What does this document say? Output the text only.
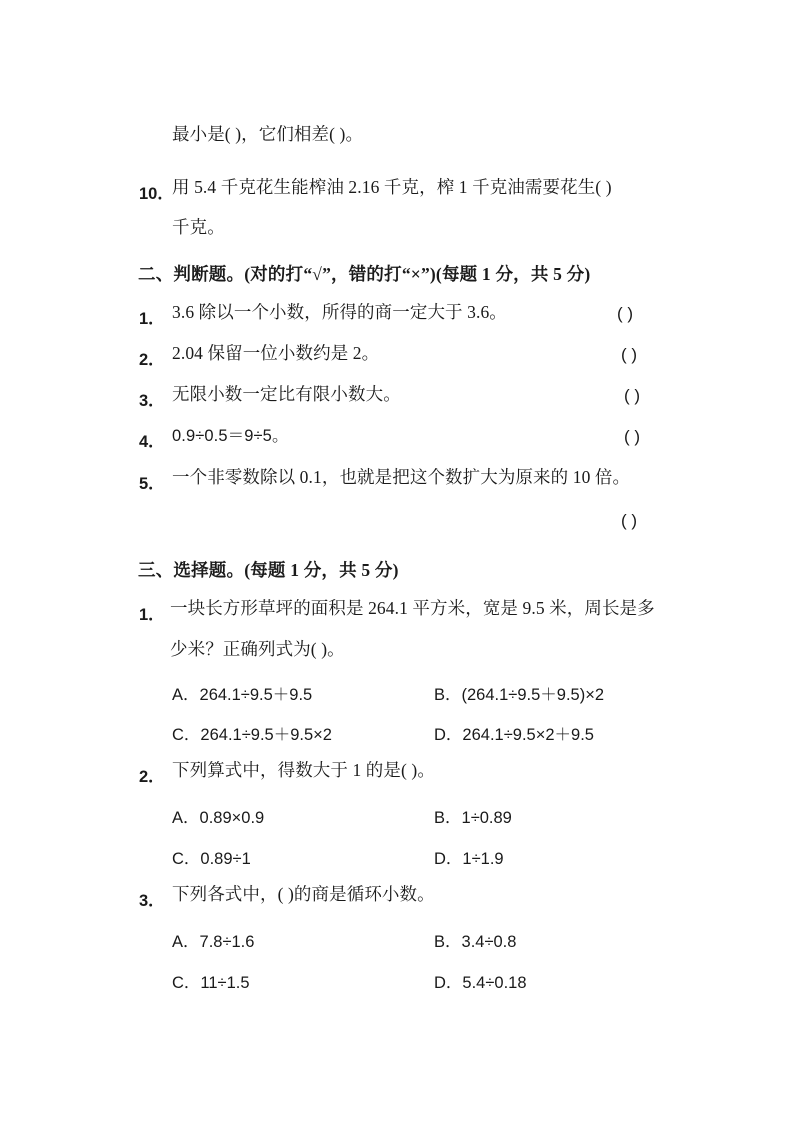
最小是( )，它们相差( )。
10．
用 5.4 千克花生能榨油 2.16 千克，榨 1 千克油需要花生( )
千克。
二、判断题。(对的打“√”，错的打“×”)(每题 1 分，共 5 分)
1． 3.6 除以一个小数，所得的商一定大于 3.6。	( )
2． 2.04 保留一位小数约是 2。	( )
3． 无限小数一定比有限小数大。	( )
4． 0.9÷0.5＝9÷5。	( )
5． 一个非零数除以 0.1，也就是把这个数扩大为原来的 10 倍。
( )
三、选择题。(每题 1 分，共 5 分)
1． 一块长方形草坪的面积是 264.1 平方米，宽是 9.5 米，周长是多
少米？正确列式为( )。
A．264.1÷9.5＋9.5	B．(264.1÷9.5＋9.5)×2
C．264.1÷9.5＋9.5×2	D．264.1÷9.5×2＋9.5
2． 下列算式中，得数大于 1 的是( )。
A．0.89×0.9	B．1÷0.89
C．0.89÷1	D．1÷1.9
3． 下列各式中，( )的商是循环小数。
A．7.8÷1.6	B．3.4÷0.8
C．11÷1.5	D．5.4÷0.18
